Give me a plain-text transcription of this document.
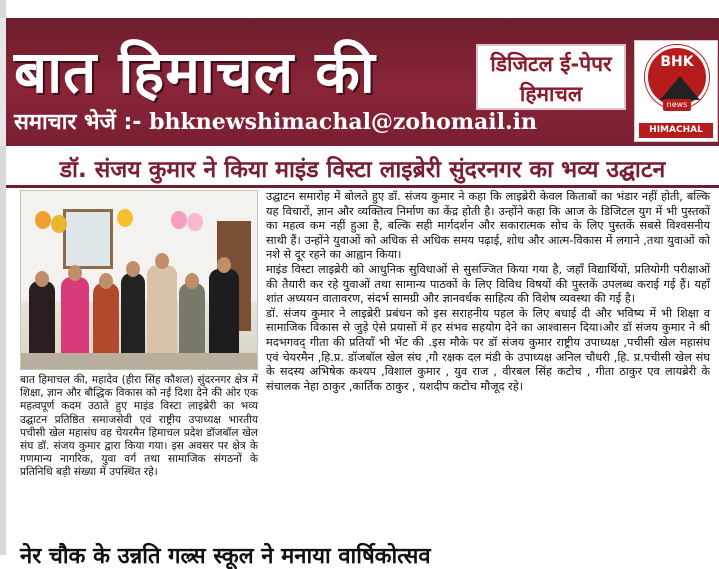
बात हिमाचल की	डिजिटल ई-पेपर
हिमाचल
BHK
news
HIMACHAL
समाचार भेजें :- bhknewshimachal@zohomail.in
डॉ. संजय कुमार ने किया माइंड विस्टा लाइब्रेरी सुंदरनगर का भव्य उद्घाटन
बात हिमाचल की, महादेव (हीरा सिंह कौशल) सुंदरनगर क्षेत्र में शिक्षा, ज्ञान और बौद्धिक विकास को नई दिशा देने की ओर एक महत्वपूर्ण कदम उठाते हुए माइंड विस्टा लाइब्रेरी का भव्य उद्घाटन प्रतिष्ठित समाजसेवी एवं राष्ट्रीय उपाध्यक्ष भारतीय पचीसी खेल महासंघ वह चेयरमैन हिमाचल प्रदेश डॉजबॉल खेल संघ डॉ. संजय कुमार द्वारा किया गया। इस अवसर पर क्षेत्र के गणमान्य नागरिक, युवा वर्ग तथा सामाजिक संगठनों के प्रतिनिधि बड़ी संख्या में उपस्थित रहे।

उद्घाटन समारोह में बोलते हुए डॉ. संजय कुमार ने कहा कि लाइब्रेरी केवल किताबों का भंडार नहीं होती, बल्कि यह विचारों, ज्ञान और व्यक्तित्व निर्माण का केंद्र होती है। उन्होंने कहा कि आज के डिजिटल युग में भी पुस्तकों का महत्व कम नहीं हुआ है, बल्कि सही मार्गदर्शन और सकारात्मक सोच के लिए पुस्तकें सबसे विश्वसनीय साथी हैं। उन्होंने युवाओं को अधिक से अधिक समय पढ़ाई, शोध और आत्म-विकास में लगाने ,तथा युवाओं को नशे से दूर रहने का आह्वान किया।

माइंड विस्टा लाइब्रेरी को आधुनिक सुविधाओं से सुसज्जित किया गया है, जहाँ विद्यार्थियों, प्रतियोगी परीक्षाओं की तैयारी कर रहे युवाओं तथा सामान्य पाठकों के लिए विविध विषयों की पुस्तकें उपलब्ध कराई गई हैं। यहाँ शांत अध्ययन वातावरण, संदर्भ सामग्री और ज्ञानवर्धक साहित्य की विशेष व्यवस्था की गई है।

डॉ. संजय कुमार ने लाइब्रेरी प्रबंधन को इस सराहनीय पहल के लिए बधाई दी और भविष्य में भी शिक्षा व सामाजिक विकास से जुड़े ऐसे प्रयासों में हर संभव सहयोग देने का आश्वासन दिया।और डॉ संजय कुमार ने श्री मदभगवद् गीता की प्रतियाँ भी भेंट की .इस मौके पर डॉ संजय कुमार राष्ट्रीय उपाध्यक्ष ,पचीसी खेल महासंघ एवं चेयरमैन ,हि.प्र. डॉजबॉल खेल संघ ,गौ रक्षक दल मंडी के उपाध्यक्ष अनिल चौधरी ,हि. प्र.पचीसी खेल संघ के सदस्य अभिषेक कश्यप ,विशाल कुमार , युव राज , वीरबल सिंह कटोच , गीता ठाकुर एव लायब्रेरी के संचालक नेहा ठाकुर ,कार्तिक ठाकुर , यशदीप कटोच मौजूद रहे।

नेर चौक के उन्नति गल्र्स स्कूल ने मनाया वार्षिकोत्सव
